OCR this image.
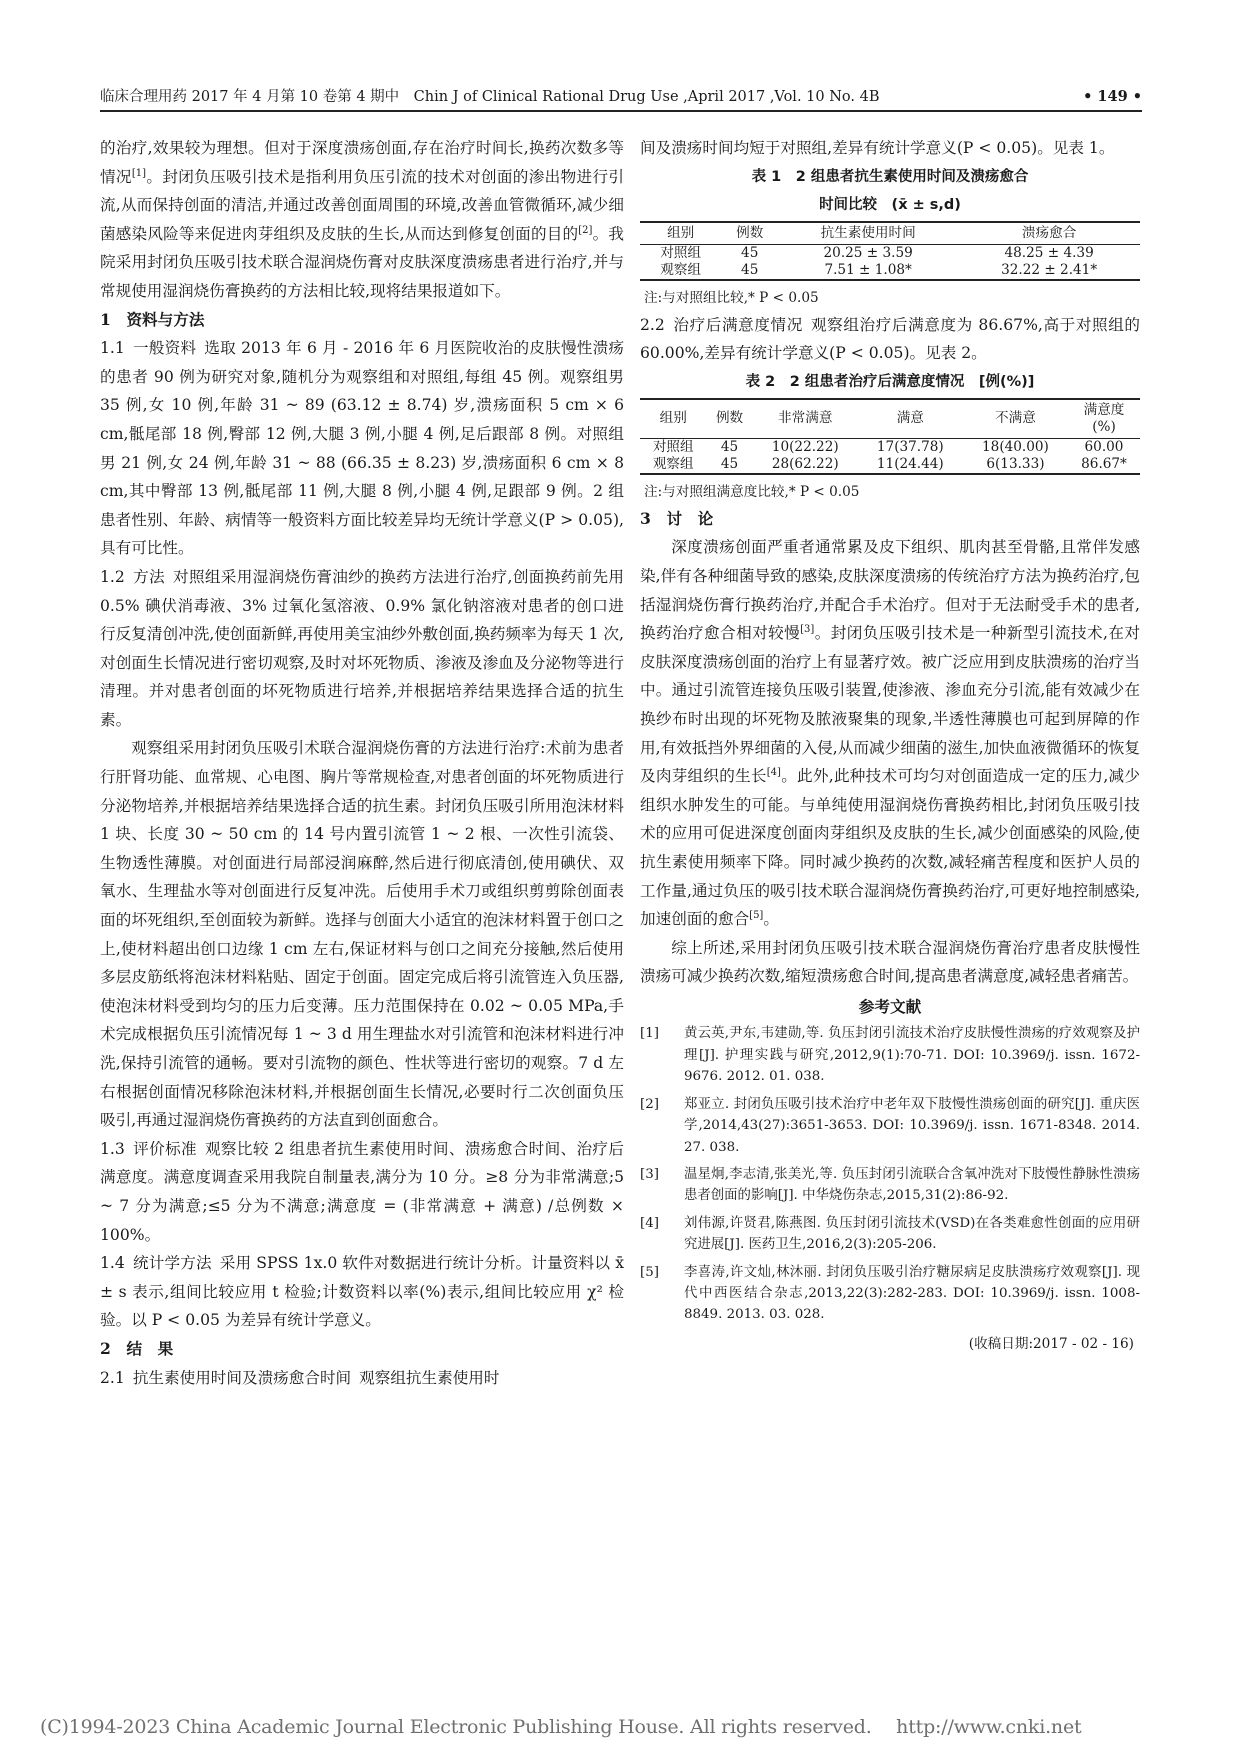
临床合理用药 2017 年 4 月第 10 卷第 4 期中　Chin J of Clinical Rational Drug Use ,April 2017 ,Vol. 10 No. 4B	• 149 •

的治疗,效果较为理想。但对于深度溃疡创面,存在治疗时间长,换药次数多等情况[1]。封闭负压吸引技术是指利用负压引流的技术对创面的渗出物进行引流,从而保持创面的清洁,并通过改善创面周围的环境,改善血管微循环,减少细菌感染风险等来促进肉芽组织及皮肤的生长,从而达到修复创面的目的[2]。我院采用封闭负压吸引技术联合湿润烧伤膏对皮肤深度溃疡患者进行治疗,并与常规使用湿润烧伤膏换药的方法相比较,现将结果报道如下。

1　资料与方法

1.1 一般资料 选取 2013 年 6 月 - 2016 年 6 月医院收治的皮肤慢性溃疡的患者 90 例为研究对象,随机分为观察组和对照组,每组 45 例。观察组男 35 例,女 10 例,年龄 31 ~ 89 (63.12 ± 8.74) 岁,溃疡面积 5 cm × 6 cm,骶尾部 18 例,臀部 12 例,大腿 3 例,小腿 4 例,足后跟部 8 例。对照组男 21 例,女 24 例,年龄 31 ~ 88 (66.35 ± 8.23) 岁,溃疡面积 6 cm × 8 cm,其中臀部 13 例,骶尾部 11 例,大腿 8 例,小腿 4 例,足跟部 9 例。2 组患者性别、年龄、病情等一般资料方面比较差异均无统计学意义(P > 0.05),具有可比性。

1.2 方法 对照组采用湿润烧伤膏油纱的换药方法进行治疗,创面换药前先用 0.5% 碘伏消毒液、3% 过氧化氢溶液、0.9% 氯化钠溶液对患者的创口进行反复清创冲洗,使创面新鲜,再使用美宝油纱外敷创面,换药频率为每天 1 次,对创面生长情况进行密切观察,及时对坏死物质、渗液及渗血及分泌物等进行清理。并对患者创面的坏死物质进行培养,并根据培养结果选择合适的抗生素。

观察组采用封闭负压吸引术联合湿润烧伤膏的方法进行治疗:术前为患者行肝肾功能、血常规、心电图、胸片等常规检查,对患者创面的坏死物质进行分泌物培养,并根据培养结果选择合适的抗生素。封闭负压吸引所用泡沫材料 1 块、长度 30 ~ 50 cm 的 14 号内置引流管 1 ~ 2 根、一次性引流袋、生物透性薄膜。对创面进行局部浸润麻醉,然后进行彻底清创,使用碘伏、双氧水、生理盐水等对创面进行反复冲洗。后使用手术刀或组织剪剪除创面表面的坏死组织,至创面较为新鲜。选择与创面大小适宜的泡沫材料置于创口之上,使材料超出创口边缘 1 cm 左右,保证材料与创口之间充分接触,然后使用多层皮筋纸将泡沫材料粘贴、固定于创面。固定完成后将引流管连入负压器,使泡沫材料受到均匀的压力后变薄。压力范围保持在 0.02 ~ 0.05 MPa,手术完成根据负压引流情况每 1 ~ 3 d 用生理盐水对引流管和泡沫材料进行冲洗,保持引流管的通畅。要对引流物的颜色、性状等进行密切的观察。7 d 左右根据创面情况移除泡沫材料,并根据创面生长情况,必要时行二次创面负压吸引,再通过湿润烧伤膏换药的方法直到创面愈合。

1.3 评价标准 观察比较 2 组患者抗生素使用时间、溃疡愈合时间、治疗后满意度。满意度调查采用我院自制量表,满分为 10 分。≥8 分为非常满意;5 ~ 7 分为满意;≤5 分为不满意;满意度 = (非常满意 + 满意) /总例数 × 100%。

1.4 统计学方法 采用 SPSS 1x.0 软件对数据进行统计分析。计量资料以 x̄ ± s 表示,组间比较应用 t 检验;计数资料以率(%)表示,组间比较应用 χ² 检验。以 P < 0.05 为差异有统计学意义。

2　结　果

2.1 抗生素使用时间及溃疡愈合时间 观察组抗生素使用时

间及溃疡时间均短于对照组,差异有统计学意义(P < 0.05)。见表 1。

表 1　2 组患者抗生素使用时间及溃疡愈合

时间比较　(x̄ ± s,d)

组别	例数	抗生素使用时间	溃疡愈合
对照组	45	20.25 ± 3.59	48.25 ± 4.39
观察组	45	7.51 ± 1.08*	32.22 ± 2.41*

注:与对照组比较,* P < 0.05

2.2 治疗后满意度情况 观察组治疗后满意度为 86.67%,高于对照组的 60.00%,差异有统计学意义(P < 0.05)。见表 2。

表 2　2 组患者治疗后满意度情况　[例(%)]

组别	例数	非常满意	满意	不满意	满意度 (%)
对照组	45	10(22.22)	17(37.78)	18(40.00)	60.00
观察组	45	28(62.22)	11(24.44)	6(13.33)	86.67*

注:与对照组满意度比较,* P < 0.05

3　讨　论

深度溃疡创面严重者通常累及皮下组织、肌肉甚至骨骼,且常伴发感染,伴有各种细菌导致的感染,皮肤深度溃疡的传统治疗方法为换药治疗,包括湿润烧伤膏行换药治疗,并配合手术治疗。但对于无法耐受手术的患者,换药治疗愈合相对较慢[3]。封闭负压吸引技术是一种新型引流技术,在对皮肤深度溃疡创面的治疗上有显著疗效。被广泛应用到皮肤溃疡的治疗当中。通过引流管连接负压吸引装置,使渗液、渗血充分引流,能有效减少在换纱布时出现的坏死物及脓液聚集的现象,半透性薄膜也可起到屏障的作用,有效抵挡外界细菌的入侵,从而减少细菌的滋生,加快血液微循环的恢复及肉芽组织的生长[4]。此外,此种技术可均匀对创面造成一定的压力,减少组织水肿发生的可能。与单纯使用湿润烧伤膏换药相比,封闭负压吸引技术的应用可促进深度创面肉芽组织及皮肤的生长,减少创面感染的风险,使抗生素使用频率下降。同时减少换药的次数,减轻痛苦程度和医护人员的工作量,通过负压的吸引技术联合湿润烧伤膏换药治疗,可更好地控制感染,加速创面的愈合[5]。

综上所述,采用封闭负压吸引技术联合湿润烧伤膏治疗患者皮肤慢性溃疡可减少换药次数,缩短溃疡愈合时间,提高患者满意度,减轻患者痛苦。

参考文献

[1]	黄云英,尹东,韦建勋,等. 负压封闭引流技术治疗皮肤慢性溃疡的疗效观察及护理[J]. 护理实践与研究,2012,9(1):70-71. DOI: 10.3969/j. issn. 1672-9676. 2012. 01. 038.
[2]	郑亚立. 封闭负压吸引技术治疗中老年双下肢慢性溃疡创面的研究[J]. 重庆医学,2014,43(27):3651-3653. DOI: 10.3969/j. issn. 1671-8348. 2014. 27. 038.
[3]	温星炯,李志清,张美光,等. 负压封闭引流联合含氧冲洗对下肢慢性静脉性溃疡患者创面的影响[J]. 中华烧伤杂志,2015,31(2):86-92.
[4]	刘伟源,许贤君,陈燕图. 负压封闭引流技术(VSD)在各类难愈性创面的应用研究进展[J]. 医药卫生,2016,2(3):205-206.
[5]	李喜涛,许文灿,林沐丽. 封闭负压吸引治疗糖尿病足皮肤溃疡疗效观察[J]. 现代中西医结合杂志,2013,22(3):282-283. DOI: 10.3969/j. issn. 1008-8849. 2013. 03. 028.

(收稿日期:2017 - 02 - 16)

(C)1994-2023 China Academic Journal Electronic Publishing House. All rights reserved.　 http://www.cnki.net
